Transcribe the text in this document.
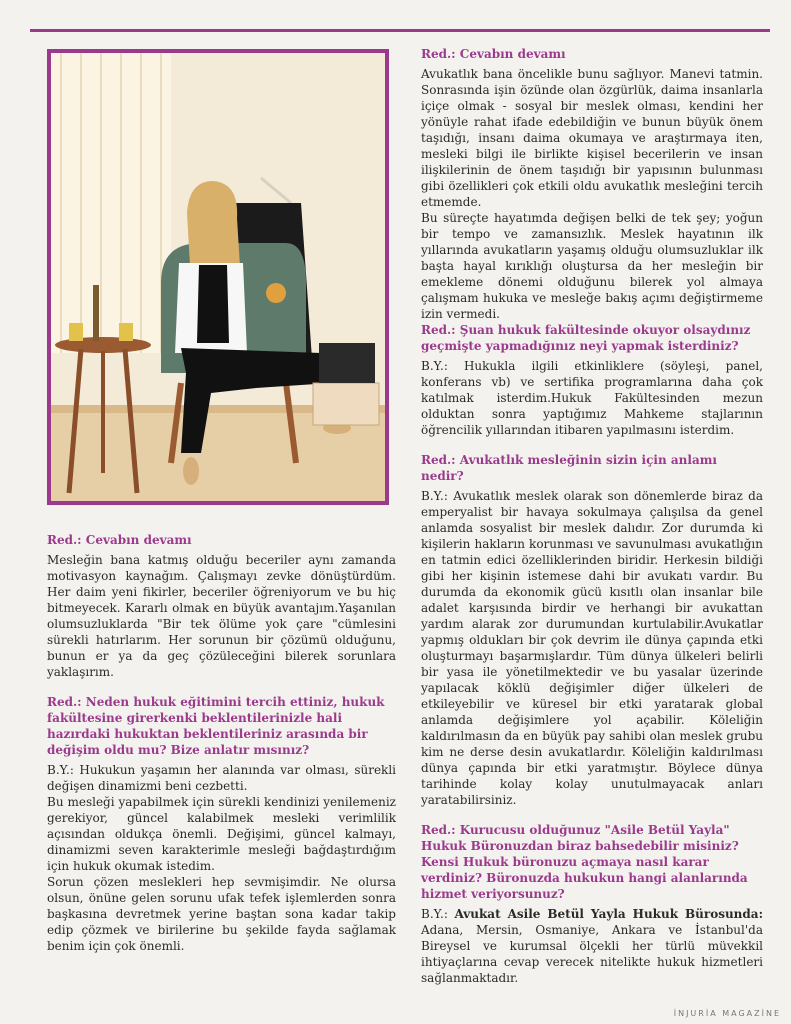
Red.: Cevabın devamı

Mesleğin bana katmış olduğu beceriler aynı zamanda motivasyon kaynağım. Çalışmayı zevke dönüştürdüm. Her daim yeni fikirler, beceriler öğreniyorum ve bu hiç bitmeyecek. Kararlı olmak en büyük avantajım.Yaşanılan olumsuzluklarda "Bir tek ölüme yok çare "cümlesini sürekli hatırlarım. Her sorunun bir çözümü olduğunu, bunun er ya da geç çözüleceğini bilerek sorunlara yaklaşırım.

Red.: Neden hukuk eğitimini tercih ettiniz, hukuk fakültesine girerkenki beklentilerinizle hali hazırdaki hukuktan beklentileriniz arasında bir değişim oldu mu? Bize anlatır mısınız?

B.Y.: Hukukun yaşamın her alanında var olması, sürekli değişen dinamizmi beni cezbetti.

Bu mesleği yapabilmek için sürekli kendinizi yenilemeniz gerekiyor, güncel kalabilmek mesleki verimlilik açısından oldukça önemli. Değişimi, güncel kalmayı, dinamizmi seven karakterimle mesleği bağdaştırdığım için hukuk okumak istedim.

Sorun çözen meslekleri hep sevmişimdir. Ne olursa olsun, önüne gelen sorunu ufak tefek işlemlerden sonra başkasına devretmek yerine baştan sona kadar takip edip çözmek ve birilerine bu şekilde fayda sağlamak benim için çok önemli.

Red.: Cevabın devamı

Avukatlık bana öncelikle bunu sağlıyor. Manevi tatmin. Sonrasında işin özünde olan özgürlük, daima insanlarla içiçe olmak - sosyal bir meslek olması, kendini her yönüyle rahat ifade edebildiğin ve bunun büyük önem taşıdığı, insanı daima okumaya ve araştırmaya iten, mesleki bilgi ile birlikte kişisel becerilerin ve insan ilişkilerinin de önem taşıdığı bir yapısının bulunması gibi özellikleri çok etkili oldu avukatlık mesleğini tercih etmemde.

Bu süreçte hayatımda değişen belki de tek şey; yoğun bir tempo ve zamansızlık. Meslek hayatının ilk yıllarında avukatların yaşamış olduğu olumsuzluklar ilk başta hayal kırıklığı oluştursa da her mesleğin bir emekleme dönemi olduğunu bilerek yol almaya çalışmam hukuka ve mesleğe bakış açımı değiştirmeme izin vermedi.

Red.: Şuan hukuk fakültesinde okuyor olsaydınız geçmişte yapmadığınız neyi yapmak isterdiniz?

B.Y.: Hukukla ilgili etkinliklere (söyleşi, panel, konferans vb) ve sertifika programlarına daha çok katılmak isterdim.Hukuk Fakültesinden mezun olduktan sonra yaptığımız Mahkeme stajlarının öğrencilik yıllarından itibaren yapılmasını isterdim.

Red.: Avukatlık mesleğinin sizin için anlamı nedir?

B.Y.: Avukatlık meslek olarak son dönemlerde biraz da emperyalist bir havaya sokulmaya çalışılsa da genel anlamda sosyalist bir meslek dalıdır. Zor durumda ki kişilerin hakların korunması ve savunulması avukatlığın en tatmin edici özelliklerinden biridir. Herkesin bildiği gibi her kişinin istemese dahi bir avukatı vardır. Bu durumda da ekonomik gücü kısıtlı olan insanlar bile adalet karşısında birdir ve herhangi bir avukattan yardım alarak zor durumundan kurtulabilir.Avukatlar yapmış oldukları bir çok devrim ile dünya çapında etki oluşturmayı başarmışlardır. Tüm dünya ülkeleri belirli bir yasa ile yönetilmektedir ve bu yasalar üzerinde yapılacak köklü değişimler diğer ülkeleri de etkileyebilir ve küresel bir etki yaratarak global anlamda değişimlere yol açabilir. Köleliğin kaldırılmasın da en büyük pay sahibi olan meslek grubu kim ne derse desin avukatlardır. Köleliğin kaldırılması dünya çapında bir etki yaratmıştır. Böylece dünya tarihinde kolay kolay unutulmayacak anları yaratabilirsiniz.

Red.: Kurucusu olduğunuz "Asile Betül Yayla" Hukuk Büronuzdan biraz bahsedebilir misiniz? Kensi Hukuk büronuzu açmaya nasıl karar verdiniz? Büronuzda hukukun hangi alanlarında hizmet veriyorsunuz?

B.Y.: Avukat Asile Betül Yayla Hukuk Bürosunda: Adana, Mersin, Osmaniye, Ankara ve İstanbul'da Bireysel ve kurumsal ölçekli her türlü müvekkil ihtiyaçlarına cevap verecek nitelikte hukuk hizmetleri sağlanmaktadır.

İNJURİA MAGAZİNE
